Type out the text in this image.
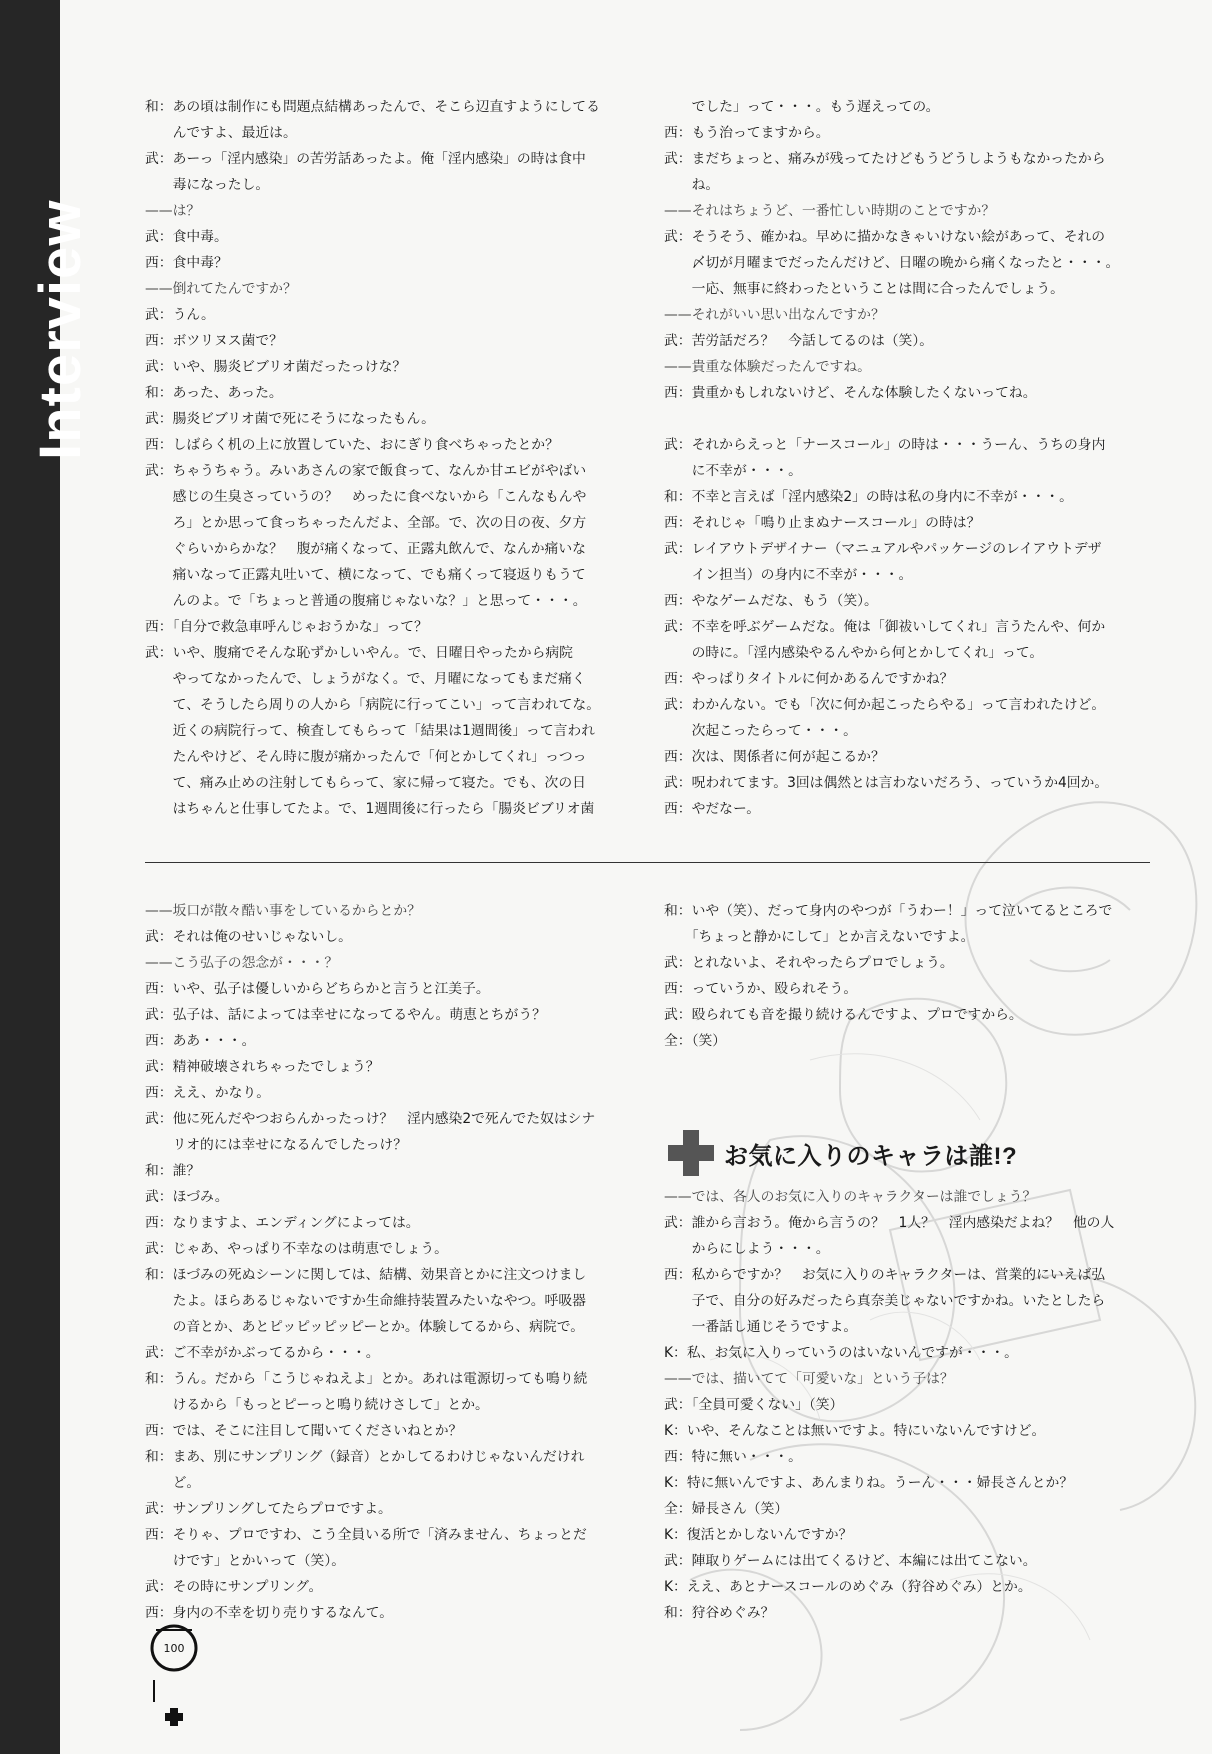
Interview
和：あの頃は制作にも問題点結構あったんで、そこら辺直すようにしてる
　　んですよ、最近は。
武：あーっ「淫内感染」の苦労話あったよ。俺「淫内感染」の時は食中
　　毒になったし。
——は？
武：食中毒。
西：食中毒？
——倒れてたんですか？
武：うん。
西：ボツリヌス菌で？
武：いや、腸炎ビブリオ菌だったっけな？
和：あった、あった。
武：腸炎ビブリオ菌で死にそうになったもん。
西：しばらく机の上に放置していた、おにぎり食べちゃったとか？
武：ちゃうちゃう。みいあさんの家で飯食って、なんか甘エビがやばい
　　感じの生臭さっていうの？　めったに食べないから「こんなもんや
　　ろ」とか思って食っちゃったんだよ、全部。で、次の日の夜、夕方
　　ぐらいからかな？　腹が痛くなって、正露丸飲んで、なんか痛いな
　　痛いなって正露丸吐いて、横になって、でも痛くって寝返りもうて
　　んのよ。で「ちょっと普通の腹痛じゃないな？」と思って・・・。
西：「自分で救急車呼んじゃおうかな」って？
武：いや、腹痛でそんな恥ずかしいやん。で、日曜日やったから病院
　　やってなかったんで、しょうがなく。で、月曜になってもまだ痛く
　　て、そうしたら周りの人から「病院に行ってこい」って言われてな。
　　近くの病院行って、検査してもらって「結果は1週間後」って言われ
　　たんやけど、そん時に腹が痛かったんで「何とかしてくれ」っつっ
　　て、痛み止めの注射してもらって、家に帰って寝た。でも、次の日
　　はちゃんと仕事してたよ。で、1週間後に行ったら「腸炎ビブリオ菌
　　でした」って・・・。もう遅えっての。
西：もう治ってますから。
武：まだちょっと、痛みが残ってたけどもうどうしようもなかったから
　　ね。
——それはちょうど、一番忙しい時期のことですか？
武：そうそう、確かね。早めに描かなきゃいけない絵があって、それの
　　〆切が月曜までだったんだけど、日曜の晩から痛くなったと・・・。
　　一応、無事に終わったということは間に合ったんでしょう。
——それがいい思い出なんですか？
武：苦労話だろ？　今話してるのは（笑）。
——貴重な体験だったんですね。
西：貴重かもしれないけど、そんな体験したくないってね。

武：それからえっと「ナースコール」の時は・・・うーん、うちの身内
　　に不幸が・・・。
和：不幸と言えば「淫内感染2」の時は私の身内に不幸が・・・。
西：それじゃ「鳴り止まぬナースコール」の時は？
武：レイアウトデザイナー（マニュアルやパッケージのレイアウトデザ
　　イン担当）の身内に不幸が・・・。
西：やなゲームだな、もう（笑）。
武：不幸を呼ぶゲームだな。俺は「御祓いしてくれ」言うたんや、何か
　　の時に。「淫内感染やるんやから何とかしてくれ」って。
西：やっぱりタイトルに何かあるんですかね？
武：わかんない。でも「次に何か起こったらやる」って言われたけど。
　　次起こったらって・・・。
西：次は、関係者に何が起こるか？
武：呪われてます。3回は偶然とは言わないだろう、っていうか4回か。
西：やだなー。
——坂口が散々酷い事をしているからとか？
武：それは俺のせいじゃないし。
——こう弘子の怨念が・・・？
西：いや、弘子は優しいからどちらかと言うと江美子。
武：弘子は、話によっては幸せになってるやん。萌恵とちがう？
西：ああ・・・。
武：精神破壊されちゃったでしょう？
西：ええ、かなり。
武：他に死んだやつおらんかったっけ？　淫内感染2で死んでた奴はシナ
　　リオ的には幸せになるんでしたっけ？
和：誰？
武：ほづみ。
西：なりますよ、エンディングによっては。
武：じゃあ、やっぱり不幸なのは萌恵でしょう。
和：ほづみの死ぬシーンに関しては、結構、効果音とかに注文つけまし
　　たよ。ほらあるじゃないですか生命維持装置みたいなやつ。呼吸器
　　の音とか、あとピッピッピッピーとか。体験してるから、病院で。
武：ご不幸がかぶってるから・・・。
和：うん。だから「こうじゃねえよ」とか。あれは電源切っても鳴り続
　　けるから「もっとピーっと鳴り続けさして」とか。
西：では、そこに注目して聞いてくださいねとか？
和：まあ、別にサンプリング（録音）とかしてるわけじゃないんだけれ
　　ど。
武：サンプリングしてたらプロですよ。
西：そりゃ、プロですわ、こう全員いる所で「済みません、ちょっとだ
　　けです」とかいって（笑）。
武：その時にサンプリング。
西：身内の不幸を切り売りするなんて。
和：いや（笑）、だって身内のやつが「うわー！」って泣いてるところで
　　「ちょっと静かにして」とか言えないですよ。
武：とれないよ、それやったらプロでしょう。
西：っていうか、殴られそう。
武：殴られても音を撮り続けるんですよ、プロですから。
全：（笑）
お気に入りのキャラは誰!?
——では、各人のお気に入りのキャラクターは誰でしょう？
武：誰から言おう。俺から言うの？　1人？　淫内感染だよね？　他の人
　　からにしよう・・・。
西：私からですか？　お気に入りのキャラクターは、営業的にいえば弘
　　子で、自分の好みだったら真奈美じゃないですかね。いたとしたら
　　一番話し通じそうですよ。
K：私、お気に入りっていうのはいないんですが・・・。
——では、描いてて「可愛いな」という子は？
武：「全員可愛くない」（笑）
K：いや、そんなことは無いですよ。特にいないんですけど。
西：特に無い・・・。
K：特に無いんですよ、あんまりね。うーん・・・婦長さんとか？
全：婦長さん（笑）
K：復活とかしないんですか？
武：陣取りゲームには出てくるけど、本編には出てこない。
K：ええ、あとナースコールのめぐみ（狩谷めぐみ）とか。
和：狩谷めぐみ？
100
